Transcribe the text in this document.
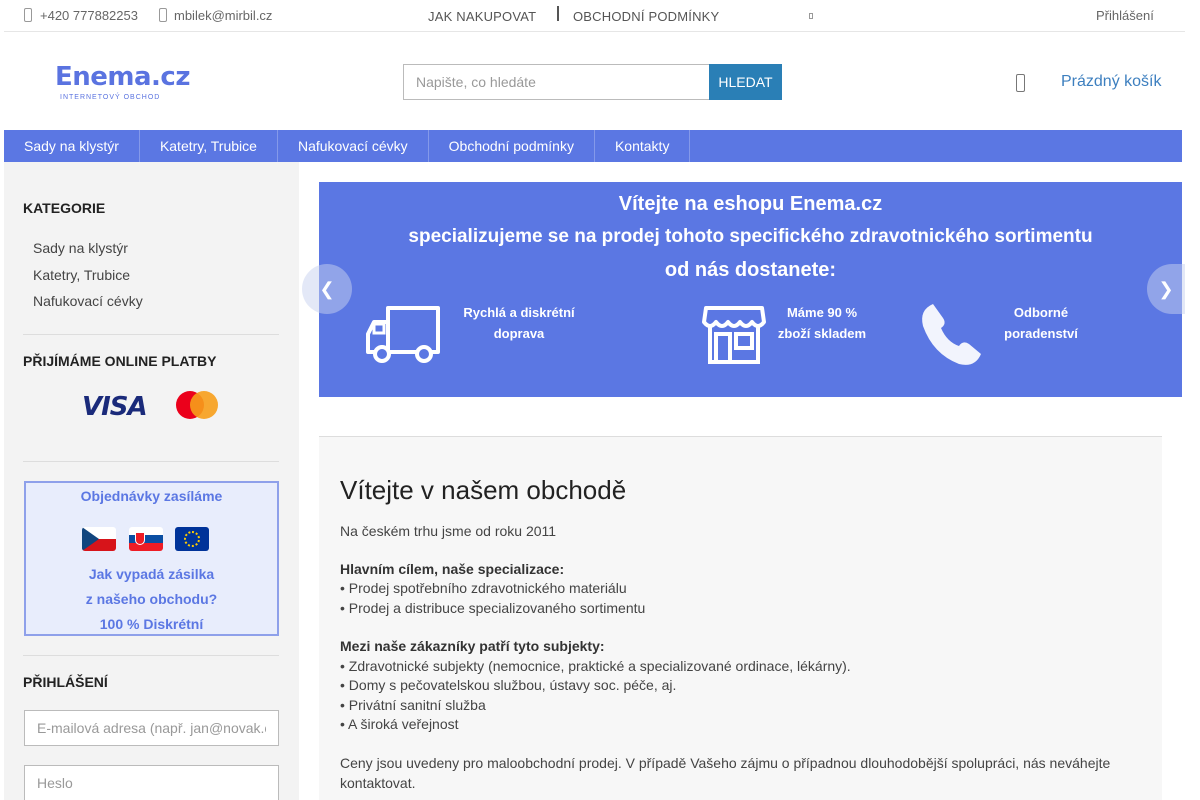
+420 777882253	mbilek@mirbil.cz	JAK NAKUPOVAT	OBCHODNÍ PODMÍNKY	Přihlášení
Enema.cz
INTERNETOVÝ OBCHOD
Napište, co hledáte
HLEDAT	Prázdný košík
Sady na klystýr	Katetry, Trubice	Nafukovací cévky	Obchodní podmínky	Kontakty
KATEGORIE
Sady na klystýr
Katetry, Trubice
Nafukovací cévky
PŘIJÍMÁME ONLINE PLATBY
VISA
Objednávky zasíláme
Jak vypadá zásilka
z našeho obchodu?
100 % Diskrétní
PŘIHLÁŠENÍ
E-mailová adresa (např. jan@novak.cz)
Vítejte na eshopu Enema.cz
specializujeme se na prodej tohoto specifického zdravotnického sortimentu
od nás dostanete:
Rychlá a diskrétní
doprava
Máme 90 %
zboží skladem
Odborné
poradenství
❮	❯
Vítejte v našem obchodě
Na českém trhu jsme od roku 2011
Hlavním cílem, naše specializace:
• Prodej spotřebního zdravotnického materiálu
• Prodej a distribuce specializovaného sortimentu
Mezi naše zákazníky patří tyto subjekty:
• Zdravotnické subjekty (nemocnice, praktické a specializované ordinace, lékárny).
• Domy s pečovatelskou službou, ústavy soc. péče, aj.
• Privátní sanitní služba
• A široká veřejnost
Ceny jsou uvedeny pro maloobchodní prodej. V případě Vašeho zájmu o případnou dlouhodobější spolupráci, nás neváhejte kontaktovat.
